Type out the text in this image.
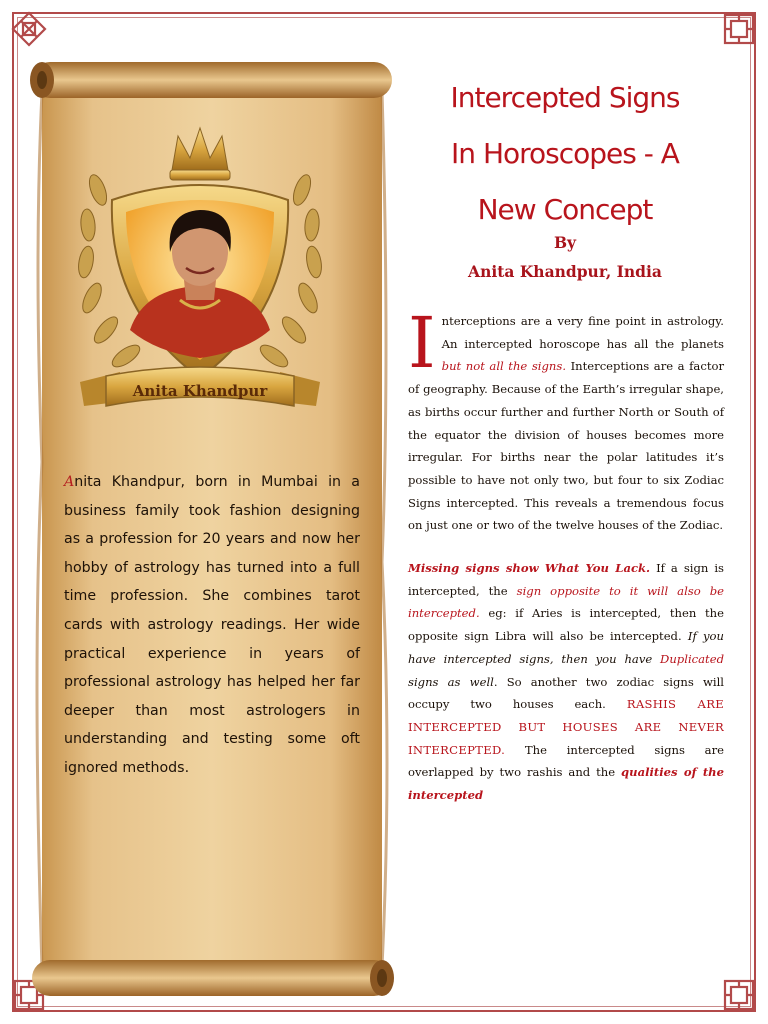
Anita Khandpur

Anita Khandpur, born in Mumbai in a business family took fashion designing as a profession for 20 years and now her hobby of astrology has turned into a full time profession. She combines tarot cards with astrology readings. Her wide practical experience in years of professional astrology has helped her far deeper than most astrologers in understanding and testing some oft ignored methods.

Intercepted Signs
In Horoscopes - A
New Concept
By
Anita Khandpur, India

Interceptions are a very fine point in astrology. An intercepted horoscope has all the planets but not all the signs. Interceptions are a factor of geography. Because of the Earth’s irregular shape, as births occur further and further North or South of the equator the division of houses becomes more irregular. For births near the polar latitudes it’s possible to have not only two, but four to six Zodiac Signs intercepted. This reveals a tremendous focus on just one or two of the twelve houses of the Zodiac.

Missing signs show What You Lack. If a sign is intercepted, the sign opposite to it will also be intercepted. eg: if Aries is intercepted, then the opposite sign Libra will also be intercepted. If you have intercepted signs, then you have Duplicated signs as well. So another two zodiac signs will occupy two houses each. RASHIS ARE INTERCEPTED BUT HOUSES ARE NEVER INTERCEPTED. The intercepted signs are overlapped by two rashis and the qualities of the intercepted
